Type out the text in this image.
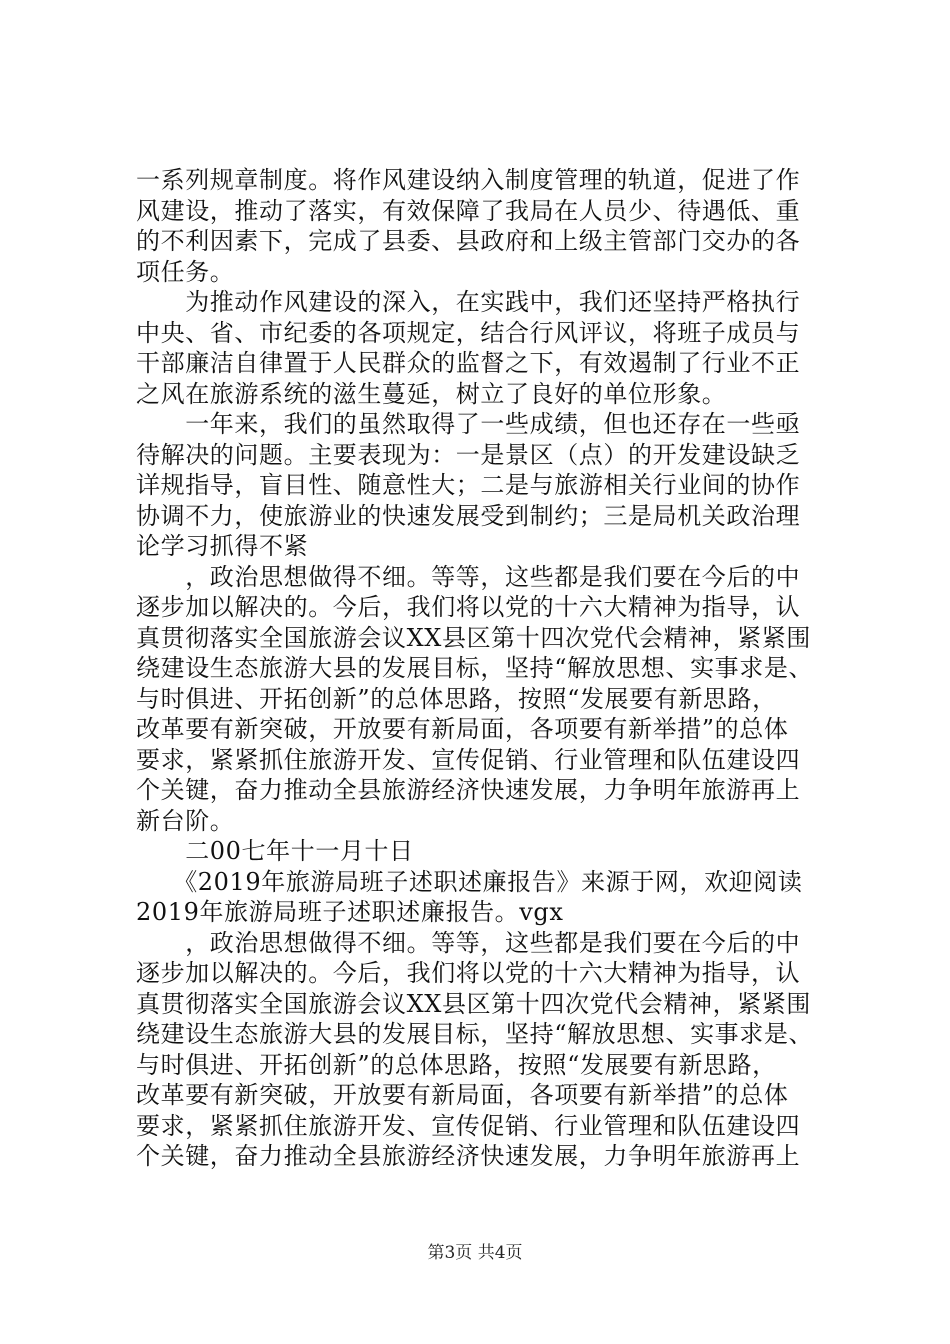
一系列规章制度。将作风建设纳入制度管理的轨道，促进了作
风建设，推动了落实，有效保障了我局在人员少、待遇低、重
的不利因素下，完成了县委、县政府和上级主管部门交办的各
项任务。
　　为推动作风建设的深入，在实践中，我们还坚持严格执行
中央、省、市纪委的各项规定，结合行风评议，将班子成员与
干部廉洁自律置于人民群众的监督之下，有效遏制了行业不正
之风在旅游系统的滋生蔓延，树立了良好的单位形象。
　　一年来，我们的虽然取得了一些成绩，但也还存在一些亟
待解决的问题。主要表现为：一是景区（点）的开发建设缺乏
详规指导，盲目性、随意性大；二是与旅游相关行业间的协作
协调不力，使旅游业的快速发展受到制约；三是局机关政治理
论学习抓得不紧
　　，政治思想做得不细。等等，这些都是我们要在今后的中
逐步加以解决的。今后，我们将以党的十六大精神为指导，认
真贯彻落实全国旅游会议XX县区第十四次党代会精神，紧紧围
绕建设生态旅游大县的发展目标，坚持“解放思想、实事求是、
与时俱进、开拓创新”的总体思路，按照“发展要有新思路，
改革要有新突破，开放要有新局面，各项要有新举措”的总体
要求，紧紧抓住旅游开发、宣传促销、行业管理和队伍建设四
个关键，奋力推动全县旅游经济快速发展，力争明年旅游再上
新台阶。
　　二00七年十一月十日
　　《2019年旅游局班子述职述廉报告》来源于网，欢迎阅读
2019年旅游局班子述职述廉报告。vgx
　　，政治思想做得不细。等等，这些都是我们要在今后的中
逐步加以解决的。今后，我们将以党的十六大精神为指导，认
真贯彻落实全国旅游会议XX县区第十四次党代会精神，紧紧围
绕建设生态旅游大县的发展目标，坚持“解放思想、实事求是、
与时俱进、开拓创新”的总体思路，按照“发展要有新思路，
改革要有新突破，开放要有新局面，各项要有新举措”的总体
要求，紧紧抓住旅游开发、宣传促销、行业管理和队伍建设四
个关键，奋力推动全县旅游经济快速发展，力争明年旅游再上
第3页 共4页
